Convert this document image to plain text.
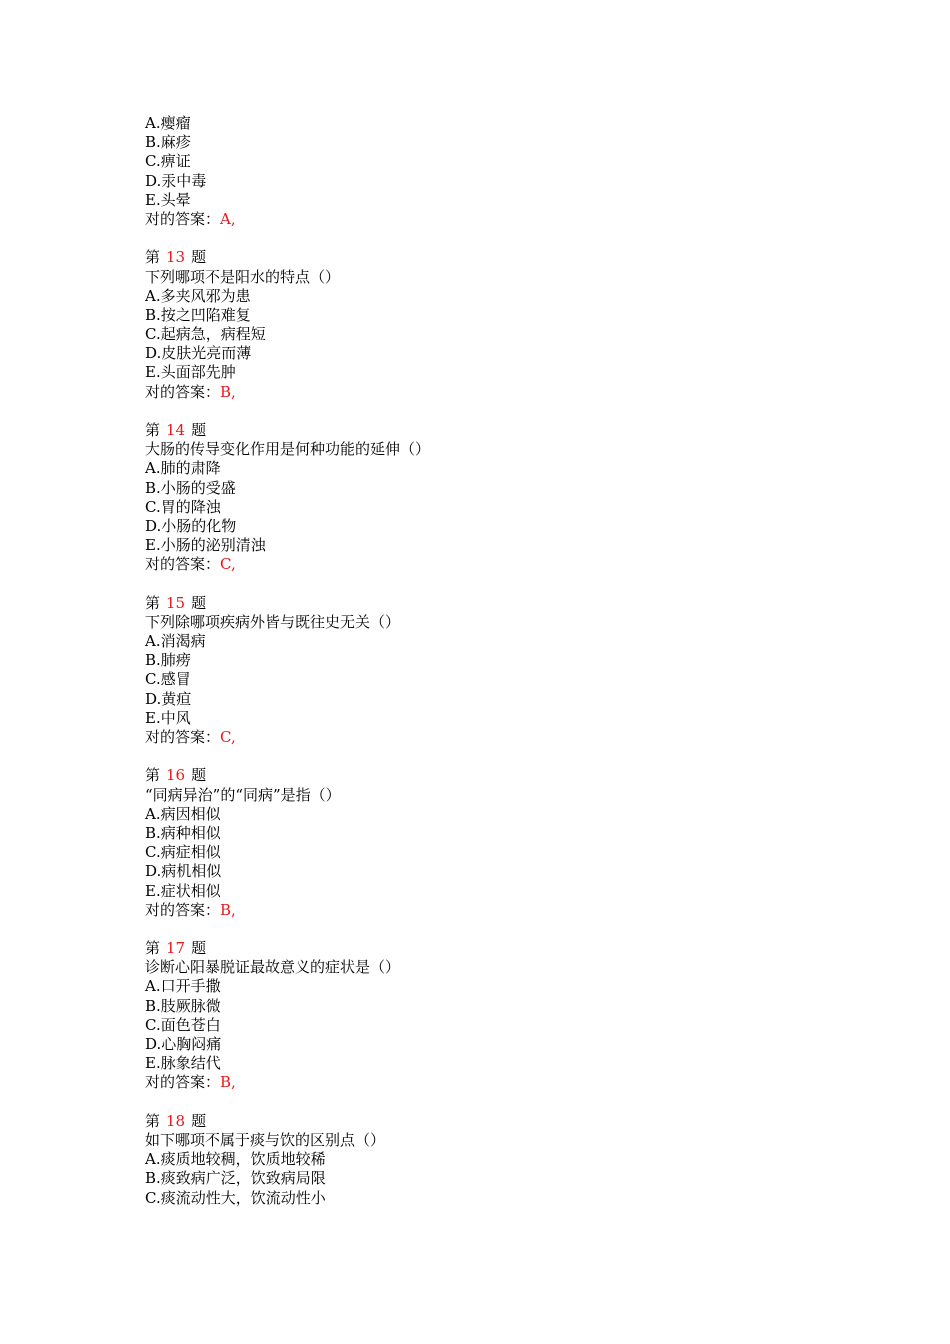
A.瘿瘤
B.麻疹
C.痹证
D.汞中毒
E.头晕
对的答案：A,
第 13 题
下列哪项不是阳水的特点（）
A.多夹风邪为患
B.按之凹陷难复
C.起病急，病程短
D.皮肤光亮而薄
E.头面部先肿
对的答案：B,
第 14 题
大肠的传导变化作用是何种功能的延伸（）
A.肺的肃降
B.小肠的受盛
C.胃的降浊
D.小肠的化物
E.小肠的泌别清浊
对的答案：C,
第 15 题
下列除哪项疾病外皆与既往史无关（）
A.消渴病
B.肺痨
C.感冒
D.黄疸
E.中风
对的答案：C,
第 16 题
“同病异治”的“同病”是指（）
A.病因相似
B.病种相似
C.病症相似
D.病机相似
E.症状相似
对的答案：B,
第 17 题
诊断心阳暴脱证最故意义的症状是（）
A.口开手撒
B.肢厥脉微
C.面色苍白
D.心胸闷痛
E.脉象结代
对的答案：B,
第 18 题
如下哪项不属于痰与饮的区别点（）
A.痰质地较稠，饮质地较稀
B.痰致病广泛，饮致病局限
C.痰流动性大，饮流动性小
